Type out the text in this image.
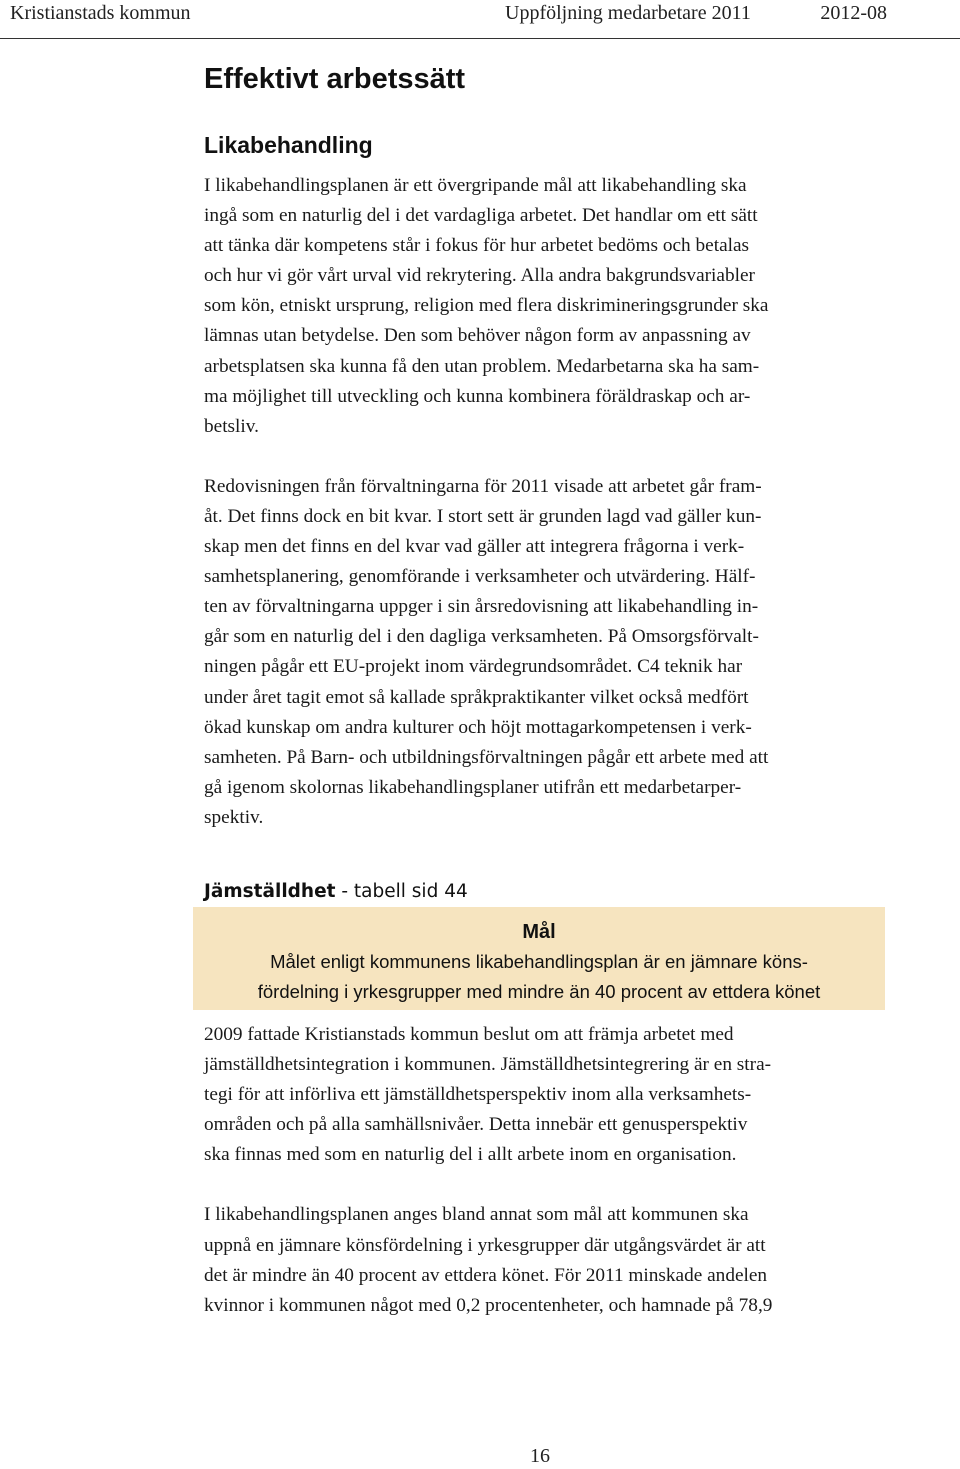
Kristianstads kommun	Uppföljning medarbetare 2011	2012-08
Effektivt arbetssätt
Likabehandling

I likabehandlingsplanen är ett övergripande mål att likabehandling ska
ingå som en naturlig del i det vardagliga arbetet. Det handlar om ett sätt
att tänka där kompetens står i fokus för hur arbetet bedöms och betalas
och hur vi gör vårt urval vid rekrytering. Alla andra bakgrundsvariabler
som kön, etniskt ursprung, religion med flera diskrimineringsgrunder ska
lämnas utan betydelse. Den som behöver någon form av anpassning av
arbetsplatsen ska kunna få den utan problem. Medarbetarna ska ha sam-
ma möjlighet till utveckling och kunna kombinera föräldraskap och ar-
betsliv.

Redovisningen från förvaltningarna för 2011 visade att arbetet går fram-
åt. Det finns dock en bit kvar. I stort sett är grunden lagd vad gäller kun-
skap men det finns en del kvar vad gäller att integrera frågorna i verk-
samhetsplanering, genomförande i verksamheter och utvärdering. Hälf-
ten av förvaltningarna uppger i sin årsredovisning att likabehandling in-
går som en naturlig del i den dagliga verksamheten. På Omsorgsförvalt-
ningen pågår ett EU-projekt inom värdegrundsområdet. C4 teknik har
under året tagit emot så kallade språkpraktikanter vilket också medfört
ökad kunskap om andra kulturer och höjt mottagarkompetensen i verk-
samheten. På Barn- och utbildningsförvaltningen pågår ett arbete med att
gå igenom skolornas likabehandlingsplaner utifrån ett medarbetarper-
spektiv.

Jämställdhet - tabell sid 44
Mål
Målet enligt kommunens likabehandlingsplan är en jämnare köns-
fördelning i yrkesgrupper med mindre än 40 procent av ettdera könet

2009 fattade Kristianstads kommun beslut om att främja arbetet med
jämställdhetsintegration i kommunen. Jämställdhetsintegrering är en stra-
tegi för att införliva ett jämställdhetsperspektiv inom alla verksamhets-
områden och på alla samhällsnivåer. Detta innebär ett genusperspektiv
ska finnas med som en naturlig del i allt arbete inom en organisation.

I likabehandlingsplanen anges bland annat som mål att kommunen ska
uppnå en jämnare könsfördelning i yrkesgrupper där utgångsvärdet är att
det är mindre än 40 procent av ettdera könet. För 2011 minskade andelen
kvinnor i kommunen något med 0,2 procentenheter, och hamnade på 78,9

16
